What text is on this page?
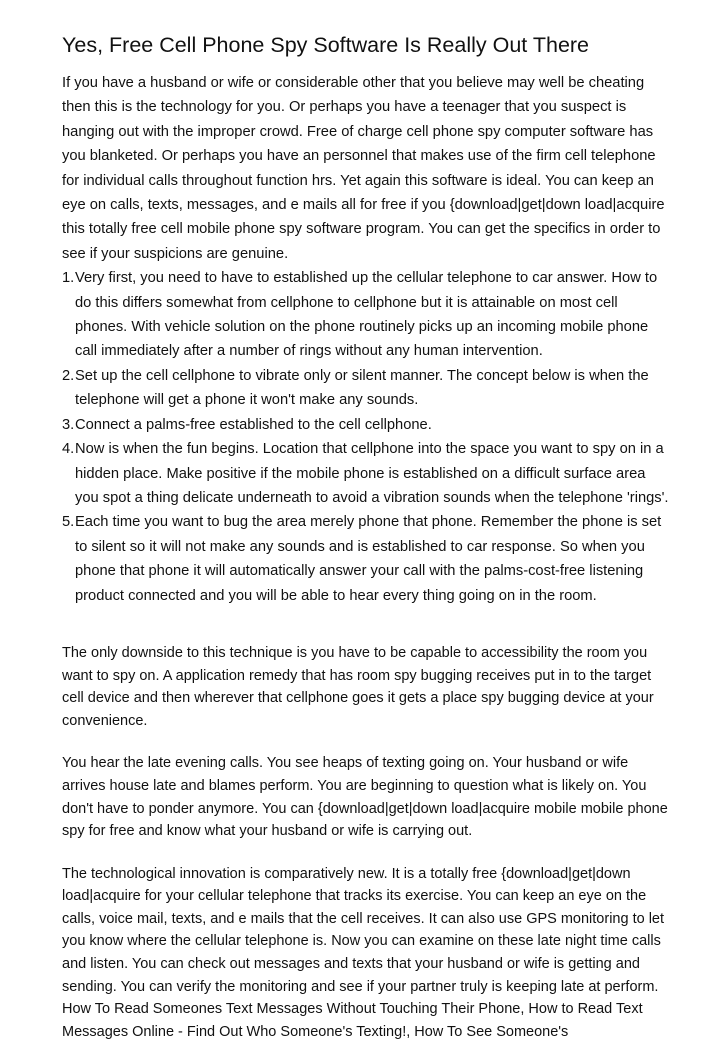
Yes, Free Cell Phone Spy Software Is Really Out There

If you have a husband or wife or considerable other that you believe may well be cheating then this is the technology for you. Or perhaps you have a teenager that you suspect is hanging out with the improper crowd. Free of charge cell phone spy computer software has you blanketed. Or perhaps you have an personnel that makes use of the firm cell telephone for individual calls throughout function hrs. Yet again this software is ideal. You can keep an eye on calls, texts, messages, and e mails all for free if you {download|get|down load|acquire this totally free cell mobile phone spy software program. You can get the specifics in order to see if your suspicions are genuine.

1. Very first, you need to have to established up the cellular telephone to car answer. How to do this differs somewhat from cellphone to cellphone but it is attainable on most cell phones. With vehicle solution on the phone routinely picks up an incoming mobile phone call immediately after a number of rings without any human intervention.
2. Set up the cell cellphone to vibrate only or silent manner. The concept below is when the telephone will get a phone it won't make any sounds.
3. Connect a palms-free established to the cell cellphone.
4. Now is when the fun begins. Location that cellphone into the space you want to spy on in a hidden place. Make positive if the mobile phone is established on a difficult surface area you spot a thing delicate underneath to avoid a vibration sounds when the telephone 'rings'.
5. Each time you want to bug the area merely phone that phone. Remember the phone is set to silent so it will not make any sounds and is established to car response. So when you phone that phone it will automatically answer your call with the palms-cost-free listening product connected and you will be able to hear every thing going on in the room.

The only downside to this technique is you have to be capable to accessibility the room you want to spy on. A application remedy that has room spy bugging receives put in to the target cell device and then wherever that cellphone goes it gets a place spy bugging device at your convenience.

You hear the late evening calls. You see heaps of texting going on. Your husband or wife arrives house late and blames perform. You are beginning to question what is likely on. You don't have to ponder anymore. You can {download|get|down load|acquire mobile mobile phone spy for free and know what your husband or wife is carrying out.

The technological innovation is comparatively new. It is a totally free {download|get|down load|acquire for your cellular telephone that tracks its exercise. You can keep an eye on the calls, voice mail, texts, and e mails that the cell receives. It can also use GPS monitoring to let you know where the cellular telephone is. Now you can examine on these late night time calls and listen. You can check out messages and texts that your husband or wife is getting and sending. You can verify the monitoring and see if your partner truly is keeping late at perform. How To Read Someones Text Messages Without Touching Their Phone, How to Read Text Messages Online - Find Out Who Someone's Texting!, How To See Someone's
